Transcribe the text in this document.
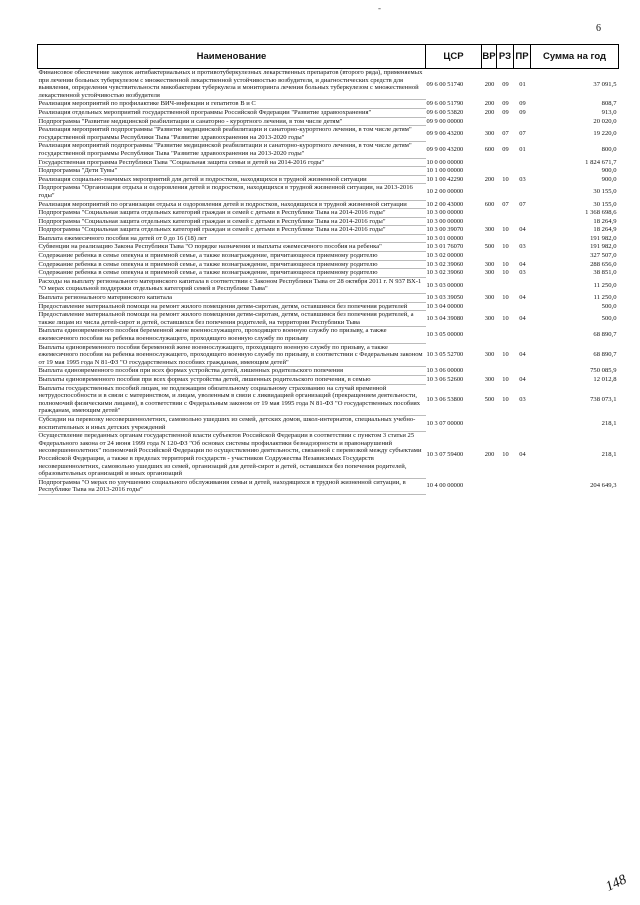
-
6
Наименование	ЦСР	ВР	РЗ	ПР	Сумма на год
Финансовое обеспечение закупок антибактериальных и противотуберкулезных лекарственных препаратов (второго ряда), применяемых при лечении больных туберкулезом с множественной лекарственной устойчивостью возбудителя, и диагностических средств для выявления, определения чувствительности микобактерии туберкулеза и мониторинга лечения больных туберкулезом с множественной лекарственной устойчивостью возбудителя	09 6 00 51740	200	09	01	37 091,5
Реализация мероприятий по профилактике ВИЧ-инфекции и гепатитов B и C	09 6 00 51790	200	09	09	808,7
Реализация отдельных мероприятий государственной программы Российской Федерации "Развитие здравоохранения"	09 6 00 53820	200	09	09	913,0
Подпрограмма "Развитие медицинской реабилитации и санаторно - курортного лечения, в том числе детям"	09 9 00 00000				20 020,0
Реализация мероприятий подпрограммы "Развитие медицинской реабилитации и санаторно-курортного лечения, в том числе детям" государственной программы Республики Тыва "Развитие здравоохранения на 2013-2020 годы"	09 9 00 43200	300	07	07	19 220,0
Реализация мероприятий подпрограммы "Развитие медицинской реабилитации и санаторно-курортного лечения, в том числе детям" государственной программы Республики Тыва "Развитие здравоохранения на 2013-2020 годы"	09 9 00 43200	600	09	01	800,0
Государственная программа Республики Тыва "Социальная защита семьи и детей на 2014-2016 годы"	10 0 00 00000				1 824 671,7
Подпрограмма "Дети Тувы"	10 1 00 00000				900,0
Реализация социально-значимых мероприятий для детей и подростков, находящихся в трудной жизненной ситуации	10 1 00 42290	200	10	03	900,0
Подпрограмма "Организация отдыха и оздоровления детей и подростков, находящихся в трудной жизненной ситуации, на 2013-2016 годы"	10 2 00 00000				30 155,0
Реализация мероприятий по организации отдыха и оздоровления детей и подростков, находящихся в трудной жизненной ситуации	10 2 00 43000	600	07	07	30 155,0
Подпрограмма "Социальная защита отдельных категорий граждан и семей с детьми в Республике Тыва на 2014-2016 годы"	10 3 00 00000				1 368 698,6
Подпрограмма "Социальная защита отдельных категорий граждан и семей с детьми в Республике Тыва на 2014-2016 годы"	10 3 00 00000				18 264,9
Подпрограмма "Социальная защита отдельных категорий граждан и семей с детьми в Республике Тыва на 2014-2016 годы"	10 3 00 39070	300	10	04	18 264,9
Выплата ежемесячного пособия на детей от 0 до 16 (18) лет	10 3 01 00000				191 982,0
Субвенции на реализацию Закона Республики Тыва "О порядке назначения и выплаты ежемесячного пособия на ребенка"	10 3 01 76070	500	10	03	191 982,0
Содержание ребенка в семье опекуна и приемной семье, а также вознаграждение, причитающееся приемному родителю	10 3 02 00000				327 507,0
Содержание ребенка в семье опекуна и приемной семье, а также вознаграждение, причитающееся приемному родителю	10 3 02 39060	300	10	04	288 656,0
Содержание ребенка в семье опекуна и приемной семье, а также вознаграждение, причитающееся приемному родителю	10 3 02 39060	300	10	03	38 851,0
Расходы на выплату регионального материнского капитала в соответствии с Законом Республики Тыва от 28 октября 2011 г. N 937 ВХ-1 "О мерах социальной поддержки отдельных категорий семей в Республике Тыва"	10 3 03 00000				11 250,0
Выплата регионального материнского капитала	10 3 03 39050	300	10	04	11 250,0
Предоставление материальной помощи на ремонт жилого помещения детям-сиротам, детям, оставшимся без попечения родителей	10 3 04 00000				500,0
Предоставление материальной помощи на ремонт жилого помещения детям-сиротам, детям, оставшимся без попечения родителей, а также лицам из числа детей-сирот и детей, оставшихся без попечения родителей, на территории Республики Тыва	10 3 04 39080	300	10	04	500,0
Выплата единовременного пособия беременной жене военнослужащего, проходящего военную службу по призыву, а также ежемесячного пособия на ребенка военнослужащего, проходящего военную службу по призыву	10 3 05 00000				68 890,7
Выплаты единовременного пособия беременной жене военнослужащего, проходящего военную службу по призыву, а также ежемесячного пособия на ребенка военнослужащего, проходящего военную службу по призыву, в соответствии с Федеральным законом от 19 мая 1995 года N 81-ФЗ "О государственных пособиях гражданам, имеющим детей"	10 3 05 52700	300	10	04	68 890,7
Выплата единовременного пособия при всех формах устройства детей, лишенных родительского попечения	10 3 06 00000				750 085,9
Выплаты единовременного пособия при всех формах устройства детей, лишенных родительского попечения, в семью	10 3 06 52600	300	10	04	12 012,8
Выплаты государственных пособий лицам, не подлежащим обязательному социальному страхованию на случай временной нетрудоспособности и в связи с материнством, и лицам, уволенным в связи с ликвидацией организаций (прекращением деятельности, полномочий физическими лицами), в соответствии с Федеральным законом от 19 мая 1995 года N 81-ФЗ "О государственных пособиях гражданам, имеющим детей"	10 3 06 53800	500	10	03	738 073,1
Субсидии на перевозку несовершеннолетних, самовольно ушедших из семей, детских домов, школ-интернатов, специальных учебно-воспитательных и иных детских учреждений	10 3 07 00000				218,1
Осуществление переданных органам государственной власти субъектов Российской Федерации в соответствии с пунктом 3 статьи 25 Федерального закона от 24 июня 1999 года N 120-ФЗ "Об основах системы профилактики безнадзорности и правонарушений несовершеннолетних" полномочий Российской Федерации по осуществлению деятельности, связанной с перевозкой между субъектами Российской Федерации, а также в пределах территорий государств - участников Содружества Независимых Государств несовершеннолетних, самовольно ушедших из семей, организаций для детей-сирот и детей, оставшихся без попечения родителей, образовательных организаций и иных организаций	10 3 07 59400	200	10	04	218,1
Подпрограмма "О мерах по улучшению социального обслуживания семьи и детей, находящихся в трудной жизненной ситуации, в Республике Тыва на 2013-2016 годы"	10 4 00 00000				204 649,3
148
